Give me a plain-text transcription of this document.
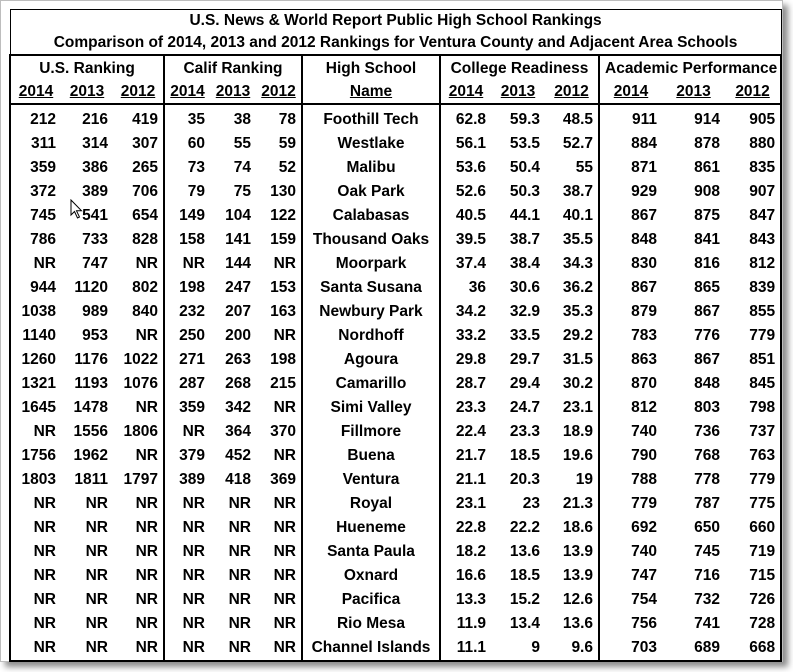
U.S. News & World Report Public High School Rankings												
Comparison of 2014, 2013 and 2012 Rankings for Ventura County and Adjacent Area Schools												
U.S. Ranking			Calif Ranking			High School	College Readiness			Academic Performance		
2014	2013	2012	2014	2013	2012	Name	2014	2013	2012	2014	2013	2012
212	216	419	35	38	78	Foothill Tech	62.8	59.3	48.5	911	914	905
311	314	307	60	55	59	Westlake	56.1	53.5	52.7	884	878	880
359	386	265	73	74	52	Malibu	53.6	50.4	55	871	861	835
372	389	706	79	75	130	Oak Park	52.6	50.3	38.7	929	908	907
745	541	654	149	104	122	Calabasas	40.5	44.1	40.1	867	875	847
786	733	828	158	141	159	Thousand Oaks	39.5	38.7	35.5	848	841	843
NR	747	NR	NR	144	NR	Moorpark	37.4	38.4	34.3	830	816	812
944	1120	802	198	247	153	Santa Susana	36	30.6	36.2	867	865	839
1038	989	840	232	207	163	Newbury Park	34.2	32.9	35.3	879	867	855
1140	953	NR	250	200	NR	Nordhoff	33.2	33.5	29.2	783	776	779
1260	1176	1022	271	263	198	Agoura	29.8	29.7	31.5	863	867	851
1321	1193	1076	287	268	215	Camarillo	28.7	29.4	30.2	870	848	845
1645	1478	NR	359	342	NR	Simi Valley	23.3	24.7	23.1	812	803	798
NR	1556	1806	NR	364	370	Fillmore	22.4	23.3	18.9	740	736	737
1756	1962	NR	379	452	NR	Buena	21.7	18.5	19.6	790	768	763
1803	1811	1797	389	418	369	Ventura	21.1	20.3	19	788	778	779
NR	NR	NR	NR	NR	NR	Royal	23.1	23	21.3	779	787	775
NR	NR	NR	NR	NR	NR	Hueneme	22.8	22.2	18.6	692	650	660
NR	NR	NR	NR	NR	NR	Santa Paula	18.2	13.6	13.9	740	745	719
NR	NR	NR	NR	NR	NR	Oxnard	16.6	18.5	13.9	747	716	715
NR	NR	NR	NR	NR	NR	Pacifica	13.3	15.2	12.6	754	732	726
NR	NR	NR	NR	NR	NR	Rio Mesa	11.9	13.4	13.6	756	741	728
NR	NR	NR	NR	NR	NR	Channel Islands	11.1	9	9.6	703	689	668
